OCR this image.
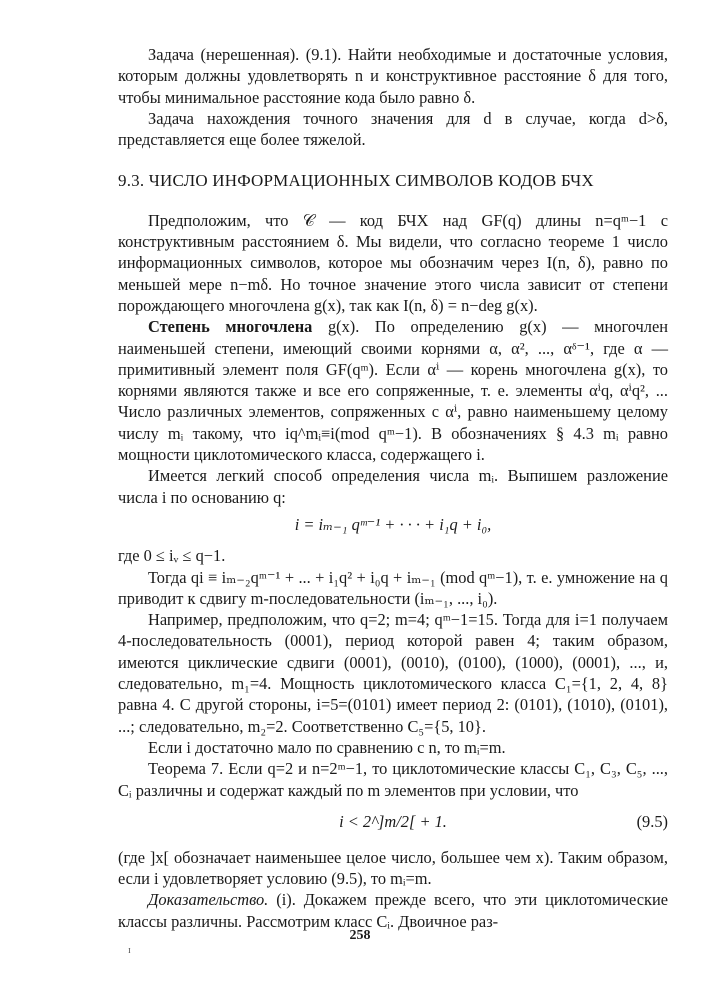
Задача (нерешенная). (9.1). Найти необходимые и достаточные условия, которым должны удовлетворять n и конструктивное расстояние δ для того, чтобы минимальное расстояние кода было равно δ.

Задача нахождения точного значения для d в случае, когда d>δ, представляется еще более тяжелой.

9.3. ЧИСЛО ИНФОРМАЦИОННЫХ СИМВОЛОВ КОДОВ БЧХ

Предположим, что 𝒞 — код БЧХ над GF(q) длины n=qᵐ−1 с конструктивным расстоянием δ. Мы видели, что согласно теореме 1 число информационных символов, которое мы обозначим через I(n, δ), равно по меньшей мере n−mδ. Но точное значение этого числа зависит от степени порождающего многочлена g(x), так как I(n, δ) = n−deg g(x).

Степень многочлена g(x). По определению g(x) — многочлен наименьшей степени, имеющий своими корнями α, α², ..., αᵟ⁻¹, где α — примитивный элемент поля GF(qᵐ). Если αⁱ — корень многочлена g(x), то корнями являются также и все его сопряженные, т. е. элементы αⁱq, αⁱq², ... Число различных элементов, сопряженных с αⁱ, равно наименьшему целому числу mᵢ такому, что iq^mᵢ≡i(mod qᵐ−1). В обозначениях § 4.3 mᵢ равно мощности циклотомического класса, содержащего i.

Имеется легкий способ определения числа mᵢ. Выпишем разложение числа i по основанию q:

i = iₘ₋₁ qᵐ⁻¹ + · · · + i₁q + i₀,

где 0 ≤ iᵥ ≤ q−1.

Тогда qi ≡ iₘ₋₂qᵐ⁻¹ + ... + i₁q² + i₀q + iₘ₋₁ (mod qᵐ−1), т. е. умножение на q приводит к сдвигу m-последовательности (iₘ₋₁, ..., i₀).

Например, предположим, что q=2; m=4; qᵐ−1=15. Тогда для i=1 получаем 4-последовательность (0001), период которой равен 4; таким образом, имеются циклические сдвиги (0001), (0010), (0100), (1000), (0001), ..., и, следовательно, m₁=4. Мощность циклотомического класса C₁={1, 2, 4, 8} равна 4. С другой стороны, i=5=(0101) имеет период 2: (0101), (1010), (0101), ...; следовательно, m₂=2. Соответственно C₅={5, 10}.

Если i достаточно мало по сравнению с n, то mᵢ=m.

Теорема 7. Если q=2 и n=2ᵐ−1, то циклотомические классы C₁, C₃, C₅, ..., Cᵢ различны и содержат каждый по m элементов при условии, что

i < 2^]m/2[ + 1.	(9.5)

(где ]x[ обозначает наименьшее целое число, большее чем x). Таким образом, если i удовлетворяет условию (9.5), то mᵢ=m.

Доказательство. (i). Докажем прежде всего, что эти циклотомические классы различны. Рассмотрим класс Cᵢ. Двоичное раз-

258
ɪ
